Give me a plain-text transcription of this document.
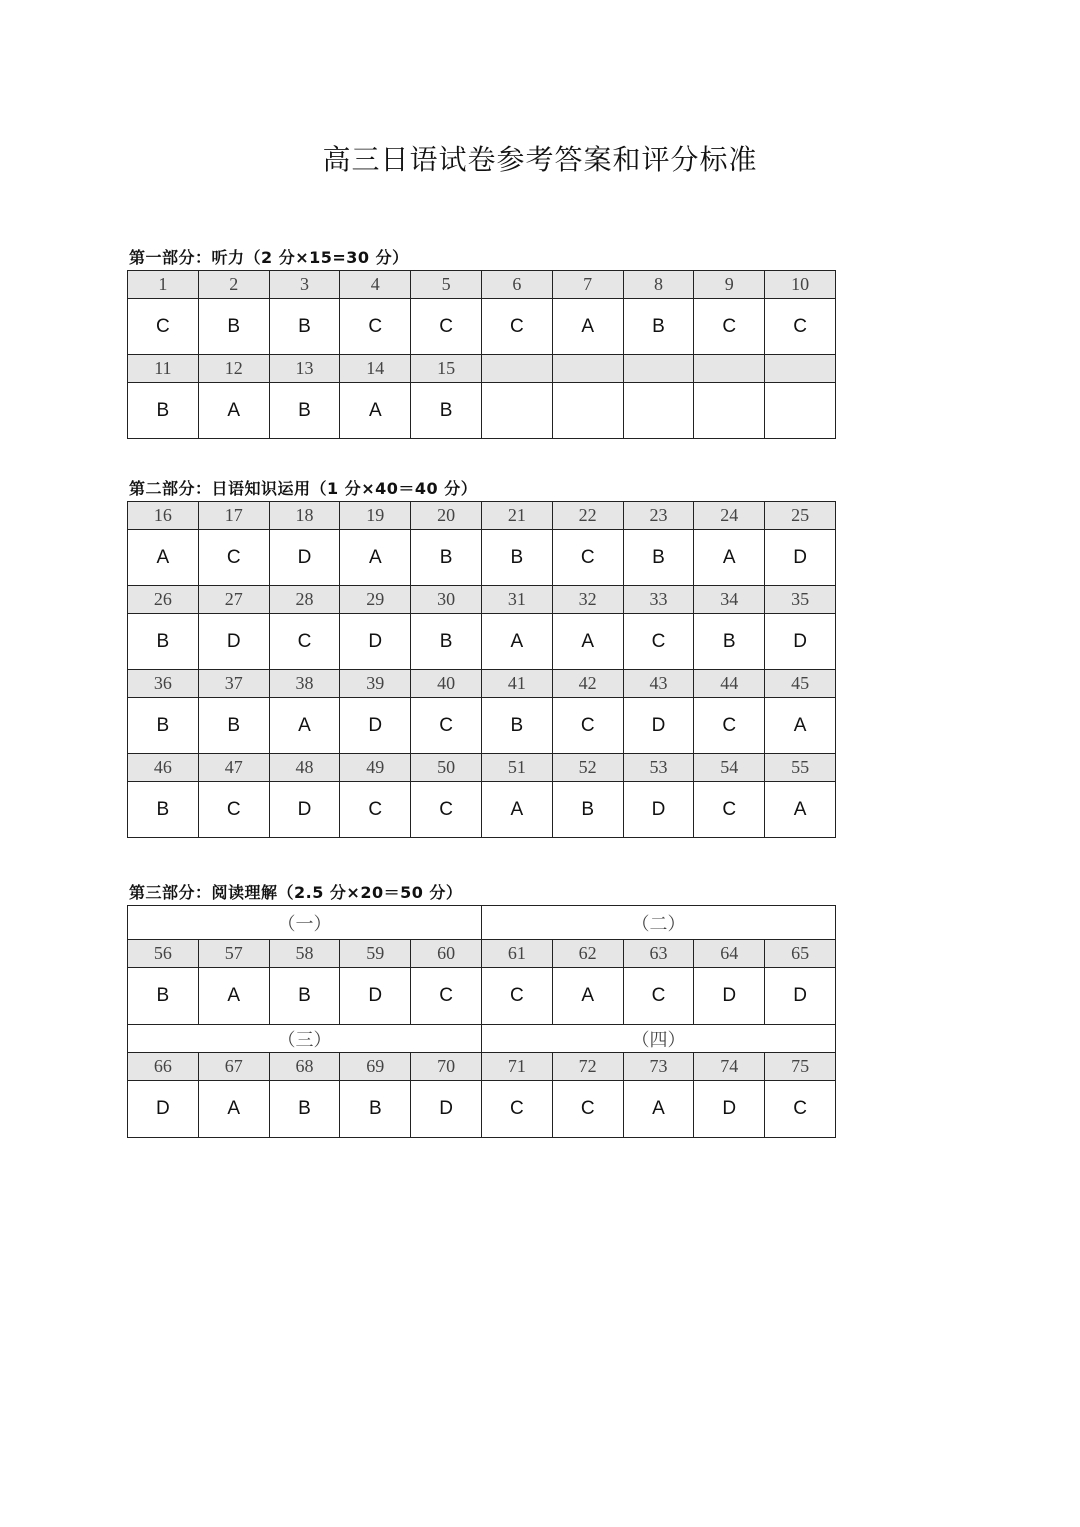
高三日语试卷参考答案和评分标准
第一部分：听力（2 分×15=30 分）
1	2	3	4	5	6	7	8	9	10
C	B	B	C	C	C	A	B	C	C
11	12	13	14	15					
B	A	B	A	B					
第二部分：日语知识运用（1 分×40＝40 分）
16	17	18	19	20	21	22	23	24	25
A	C	D	A	B	B	C	B	A	D
26	27	28	29	30	31	32	33	34	35
B	D	C	D	B	A	A	C	B	D
36	37	38	39	40	41	42	43	44	45
B	B	A	D	C	B	C	D	C	A
46	47	48	49	50	51	52	53	54	55
B	C	D	C	C	A	B	D	C	A
第三部分：阅读理解（2.5 分×20＝50 分）
（一）					（二）				
56	57	58	59	60	61	62	63	64	65
B	A	B	D	C	C	A	C	D	D
（三）					（四）				
66	67	68	69	70	71	72	73	74	75
D	A	B	B	D	C	C	A	D	C
